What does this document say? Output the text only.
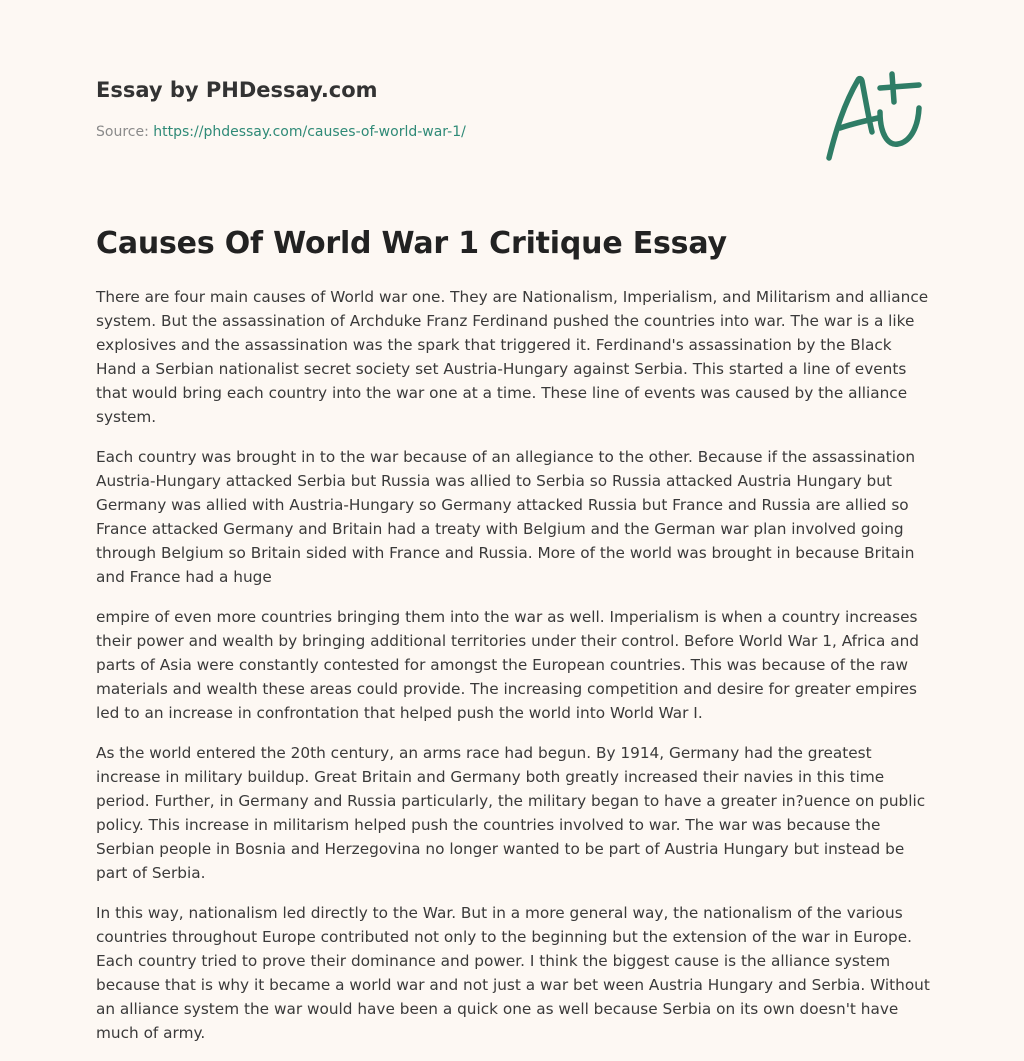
Essay by PHDessay.com

Source: https://phdessay.com/causes-of-world-war-1/
Causes Of World War 1 Critique Essay

There are four main causes of World war one. They are Nationalism, Imperialism, and Militarism and alliance system. But the assassination of Archduke Franz Ferdinand pushed the countries into war. The war is a like explosives and the assassination was the spark that triggered it. Ferdinand's assassination by the Black Hand a Serbian nationalist secret society set Austria-Hungary against Serbia. This started a line of events that would bring each country into the war one at a time. These line of events was caused by the alliance system.

Each country was brought in to the war because of an allegiance to the other. Because if the assassination Austria-Hungary attacked Serbia but Russia was allied to Serbia so Russia attacked Austria Hungary but Germany was allied with Austria-Hungary so Germany attacked Russia but France and Russia are allied so France attacked Germany and Britain had a treaty with Belgium and the German war plan involved going through Belgium so Britain sided with France and Russia. More of the world was brought in because Britain and France had a huge

empire of even more countries bringing them into the war as well. Imperialism is when a country increases their power and wealth by bringing additional territories under their control. Before World War 1, Africa and parts of Asia were constantly contested for amongst the European countries. This was because of the raw materials and wealth these areas could provide. The increasing competition and desire for greater empires led to an increase in confrontation that helped push the world into World War I.

As the world entered the 20th century, an arms race had begun. By 1914, Germany had the greatest increase in military buildup. Great Britain and Germany both greatly increased their navies in this time period. Further, in Germany and Russia particularly, the military began to have a greater in?uence on public policy. This increase in militarism helped push the countries involved to war. The war was because the Serbian people in Bosnia and Herzegovina no longer wanted to be part of Austria Hungary but instead be part of Serbia.

In this way, nationalism led directly to the War. But in a more general way, the nationalism of the various countries throughout Europe contributed not only to the beginning but the extension of the war in Europe. Each country tried to prove their dominance and power. I think the biggest cause is the alliance system because that is why it became a world war and not just a war bet ween Austria Hungary and Serbia. Without an alliance system the war would have been a quick one as well because Serbia on its own doesn't have much of army.
